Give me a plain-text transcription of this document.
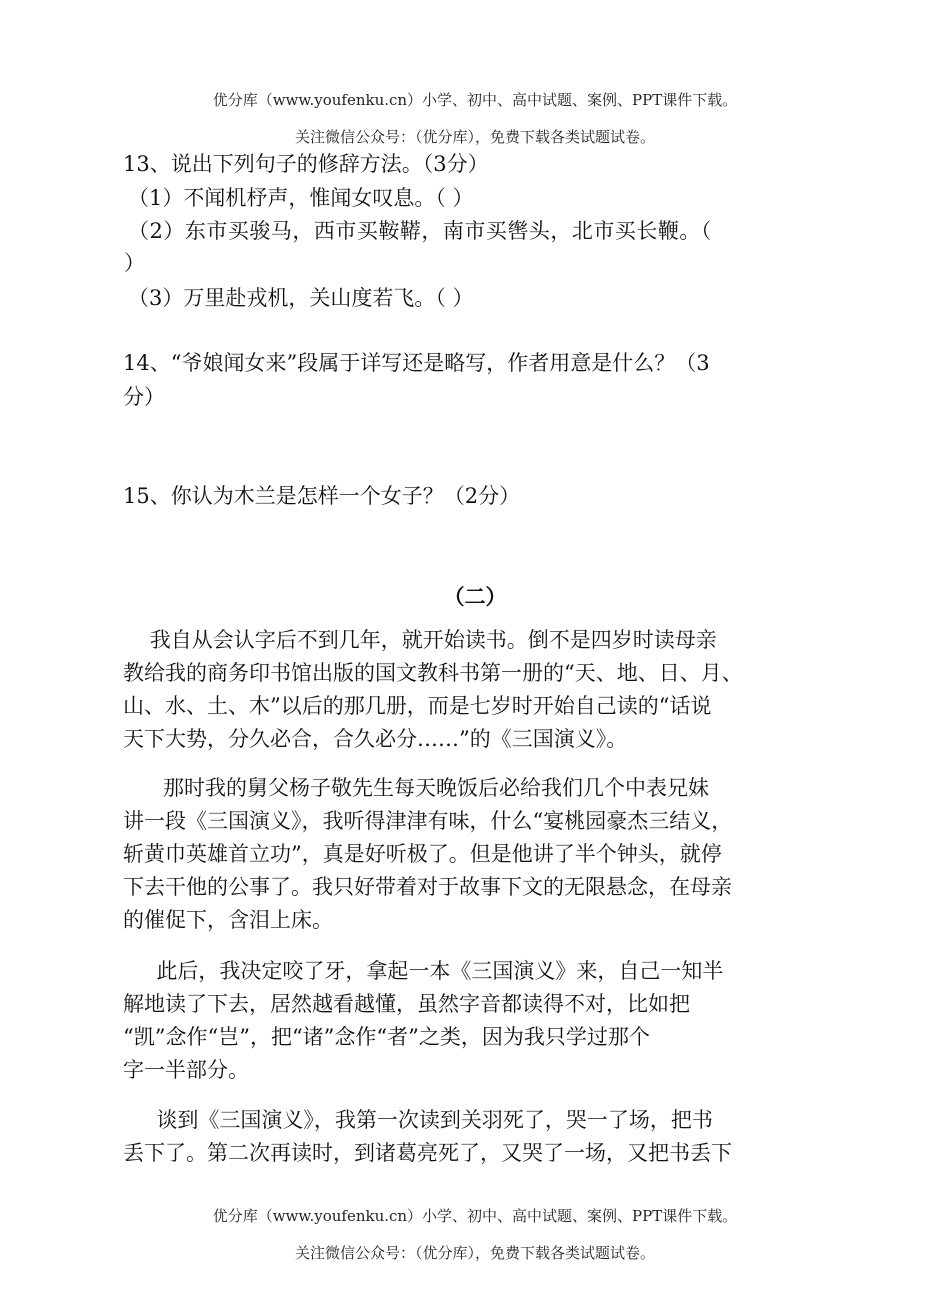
优分库（www.youfenku.cn）小学、初中、高中试题、案例、PPT课件下载。
关注微信公众号：（优分库），免费下载各类试题试卷。
13、说出下列句子的修辞方法。（3分）
（1）不闻机杼声，惟闻女叹息。（ ）
（2）东市买骏马，西市买鞍鞯，南市买辔头，北市买长鞭。（
）
（3）万里赴戎机，关山度若飞。（ ）
14、“爷娘闻女来”段属于详写还是略写，作者用意是什么？（3
分）
15、你认为木兰是怎样一个女子？（2分）
（二）
我自从会认字后不到几年，就开始读书。倒不是四岁时读母亲
教给我的商务印书馆出版的国文教科书第一册的“天、地、日、月、
山、水、土、木”以后的那几册，而是七岁时开始自己读的“话说
天下大势，分久必合，合久必分……”的《三国演义》。
那时我的舅父杨子敬先生每天晚饭后必给我们几个中表兄妹
讲一段《三国演义》，我听得津津有味，什么“宴桃园豪杰三结义，
斩黄巾英雄首立功”，真是好听极了。但是他讲了半个钟头，就停
下去干他的公事了。我只好带着对于故事下文的无限悬念，在母亲
的催促下，含泪上床。
此后，我决定咬了牙，拿起一本《三国演义》来，自己一知半
解地读了下去，居然越看越懂，虽然字音都读得不对，比如把
“凯”念作“岂”，把“诸”念作“者”之类，因为我只学过那个
字一半部分。
谈到《三国演义》，我第一次读到关羽死了，哭一了场，把书
丢下了。第二次再读时，到诸葛亮死了，又哭了一场，又把书丢下
优分库（www.youfenku.cn）小学、初中、高中试题、案例、PPT课件下载。
关注微信公众号：（优分库），免费下载各类试题试卷。
